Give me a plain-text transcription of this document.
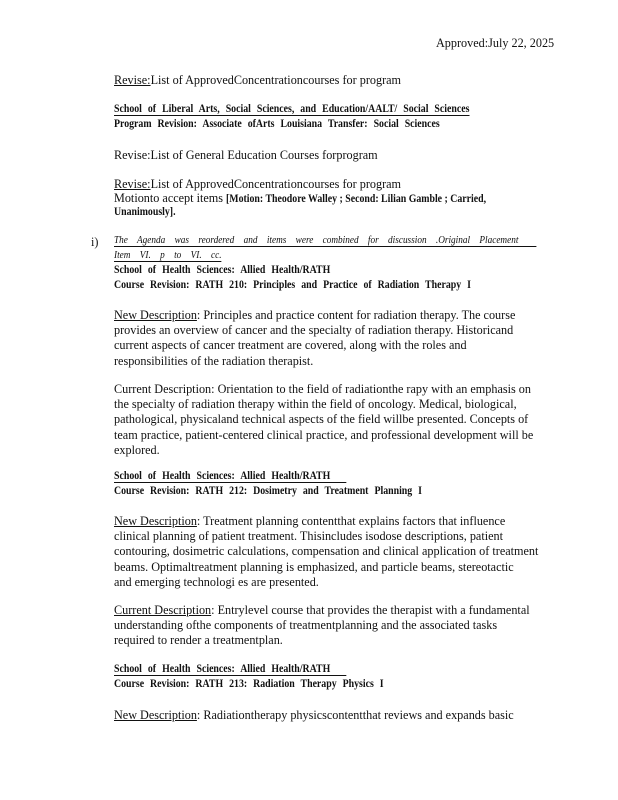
Approved:July 22, 2025
Revise:List of ApprovedConcentrationcourses for program
School of Liberal Arts, Social Sciences, and Education/AALT/ Social Sciences
Program Revision: Associate ofArts Louisiana Transfer: Social Sciences
Revise:List of General Education Courses forprogram
Revise:List of ApprovedConcentrationcourses for program
Motionto accept items [Motion: Theodore Walley ; Second: Lilian Gamble ; Carried,
Unanimously].
i) The Agenda was reordered and items were combined for discussion .Original Placement
Item VI. p to VI. cc.
School of Health Sciences: Allied Health/RATH
Course Revision: RATH 210: Principles and Practice of Radiation Therapy I
New Description: Principles and practice content for radiation therapy. The course
provides an overview of cancer and the specialty of radiation therapy. Historicand
current aspects of cancer treatment are covered, along with the roles and
responsibilities of the radiation therapist.
Current Description: Orientation to the field of radiationthe rapy with an emphasis on
the specialty of radiation therapy within the field of oncology. Medical, biological,
pathological, physicaland technical aspects of the field willbe presented. Concepts of
team practice, patient-centered clinical practice, and professional development will be
explored.
School of Health Sciences: Allied Health/RATH
Course Revision: RATH 212: Dosimetry and Treatment Planning I
New Description: Treatment planning contentthat explains factors that influence
clinical planning of patient treatment. Thisincludes isodose descriptions, patient
contouring, dosimetric calculations, compensation and clinical application of treatment
beams. Optimaltreatment planning is emphasized, and particle beams, stereotactic
and emerging technologi es are presented.
Current Description: Entrylevel course that provides the therapist with a fundamental
understanding ofthe components of treatmentplanning and the associated tasks
required to render a treatmentplan.
School of Health Sciences: Allied Health/RATH
Course Revision: RATH 213: Radiation Therapy Physics I
New Description: Radiationtherapy physicscontentthat reviews and expands basic
